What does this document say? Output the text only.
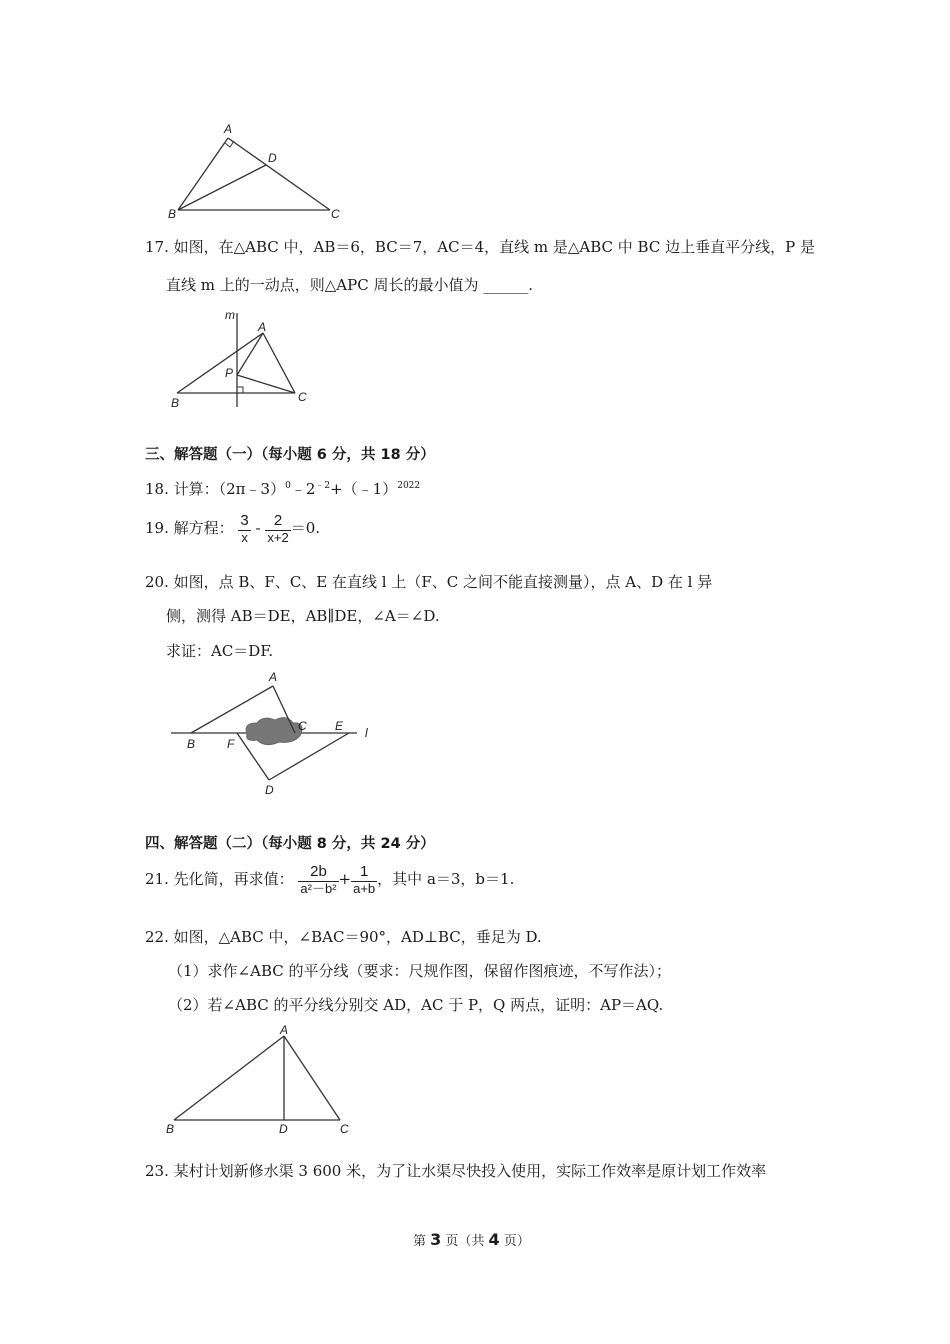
A
B	C
D
17. 如图，在△ABC 中，AB＝6，BC＝7，AC＝4，直线 m 是△ABC 中 BC 边上垂直平分线，P 是
直线 m 上的一动点，则△APC 周长的最小值为 ______.
m
A
P
B	C
三、解答题（一）（每小题 6 分，共 18 分）
18. 计算：$(2\pi﹣3)^0﹣2^{﹣2}+(﹣1)^{2022}$
19. 解方程： $\frac{3}{x} - \frac{2}{x+2} =0$.
20. 如图，点 B、F、C、E 在直线 l 上（F、C 之间不能直接测量），点 A、D 在 l 异
侧，测得 AB＝DE，AB∥DE，∠A＝∠D.
求证：AC＝DF.
A
B	F
C E l
D
四、解答题（二）（每小题 8 分，共 24 分）
21. 先化简，再求值： $\frac{2b}{\text{a²－b²}} + \frac{1}{a+b}$ ，其中 a＝3，b＝1.
22. 如图，△ABC 中，∠BAC＝90°，AD⊥BC，垂足为 D.
（1）求作∠ABC 的平分线（要求：尺规作图，保留作图痕迹，不写作法）；
（2）若∠ABC 的平分线分别交 AD，AC 于 P，Q 两点，证明：AP＝AQ.
A
B	D	C
23. 某村计划新修水渠 3 600 米，为了让水渠尽快投入使用，实际工作效率是原计划工作效率
第 3 页（共 4 页）
